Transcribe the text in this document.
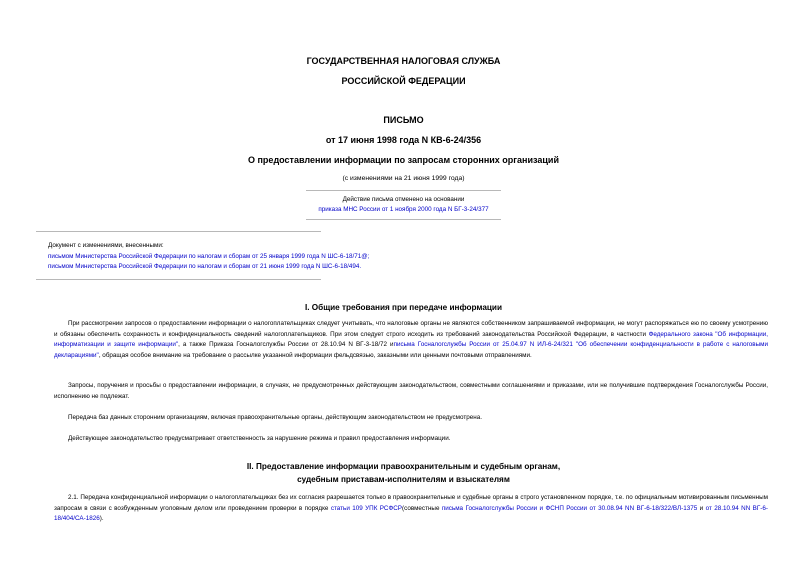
ГОСУДАРСТВЕННАЯ НАЛОГОВАЯ СЛУЖБА
РОССИЙСКОЙ ФЕДЕРАЦИИ
ПИСЬМО
от 17 июня 1998 года N КВ-6-24/356
О предоставлении информации по запросам сторонних организаций
(с изменениями на 21 июня 1999 года)
Действие письма отменено на основании
приказа МНС России от 1 ноября 2000 года N БГ-3-24/377
Документ с изменениями, внесенными:
письмом Министерства Российской Федерации по налогам и сборам от 25 января 1999 года N ШС-6-18/71@;
письмом Министерства Российской Федерации по налогам и сборам от 21 июня 1999 года N ШС-6-18/494.
I. Общие требования при передаче информации

При рассмотрении запросов о предоставлении информации о налогоплательщиках следует учитывать, что налоговые органы не являются собственником запрашиваемой информации, не могут распоряжаться ею по своему усмотрению и обязаны обеспечить сохранность и конфиденциальность сведений налогоплательщиков. При этом следует строго исходить из требований законодательства Российской Федерации, в частности Федерального закона "Об информации, информатизации и защите информации", а также Приказа Госналогслужбы России от 28.10.94 N ВГ-3-18/72 иписьма Госналогслужбы России от 25.04.97 N ИЛ-6-24/321 "Об обеспечении конфиденциальности в работе с налоговыми декларациями", обращая особое внимание на требование о рассылке указанной информации фельдсвязью, заказными или ценными почтовыми отправлениями.

Запросы, поручения и просьбы о предоставлении информации, в случаях, не предусмотренных действующим законодательством, совместными соглашениями и приказами, или не получившие подтверждения Госналогслужбы России, исполнению не подлежат.

Передача баз данных сторонним организациям, включая правоохранительные органы, действующим законодательством не предусмотрена.

Действующее законодательство предусматривает ответственность за нарушение режима и правил предоставления информации.

II. Предоставление информации правоохранительным и судебным органам,
судебным приставам-исполнителям и взыскателям

2.1. Передача конфиденциальной информации о налогоплательщиках без их согласия разрешается только в правоохранительные и судебные органы в строго установленном порядке, т.е. по официальным мотивированным письменным запросам в связи с возбужденным уголовным делом или проведением проверки в порядке статьи 109 УПК РСФСР(совместные письма Госналогслужбы России и ФСНП России от 30.08.94 NN ВГ-6-18/322/ВЛ-1375 и от 28.10.94 NN ВГ-6-18/404/СА-1826).
